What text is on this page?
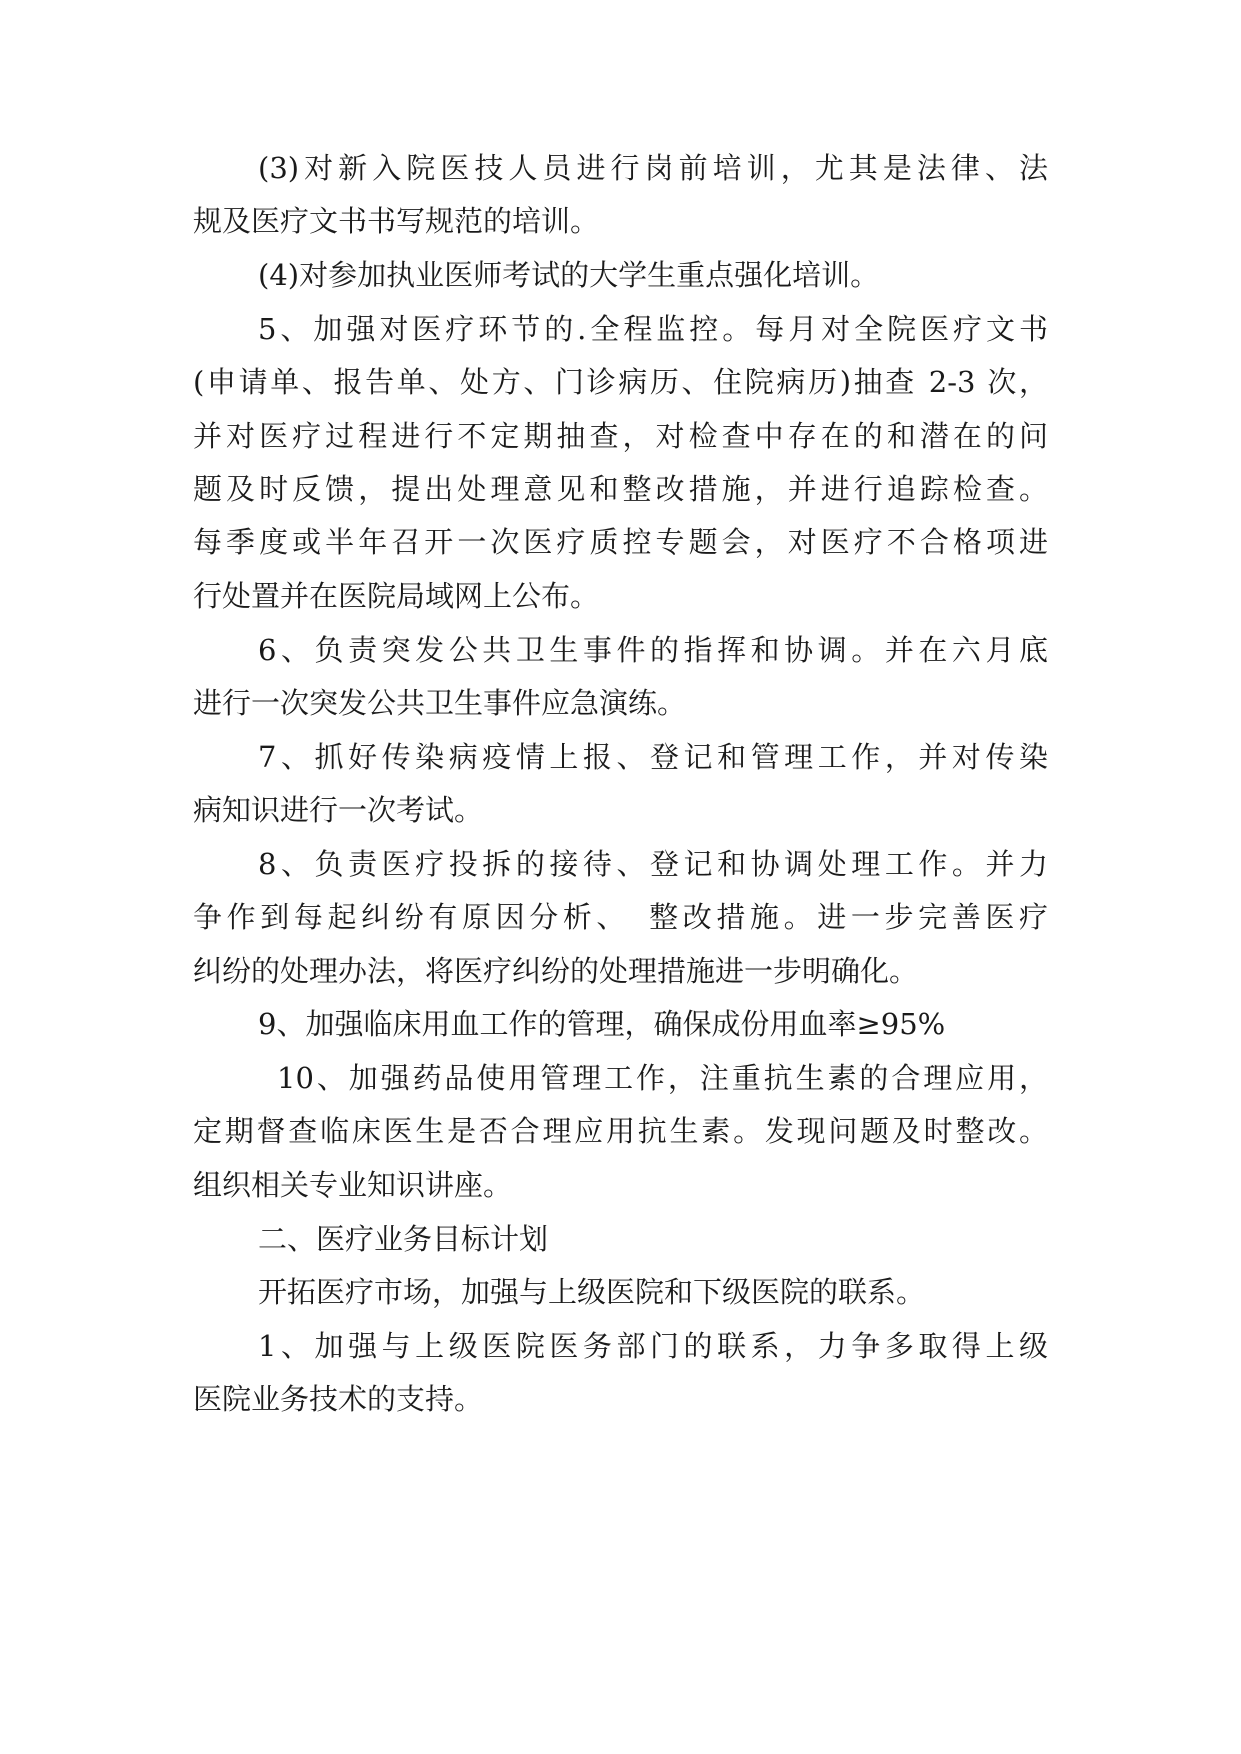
(3)对新入院医技人员进行岗前培训，尤其是法律、法
规及医疗文书书写规范的培训。
(4)对参加执业医师考试的大学生重点强化培训。
5、加强对医疗环节的.全程监控。每月对全院医疗文书
(申请单、报告单、处方、门诊病历、住院病历)抽查 2-3 次，
并对医疗过程进行不定期抽查，对检查中存在的和潜在的问
题及时反馈，提出处理意见和整改措施，并进行追踪检查。
每季度或半年召开一次医疗质控专题会，对医疗不合格项进
行处置并在医院局域网上公布。
6、负责突发公共卫生事件的指挥和协调。并在六月底
进行一次突发公共卫生事件应急演练。
7、抓好传染病疫情上报、登记和管理工作，并对传染
病知识进行一次考试。
8、负责医疗投拆的接待、登记和协调处理工作。并力
争作到每起纠纷有原因分析、　整改措施。进一步完善医疗
纠纷的处理办法，将医疗纠纷的处理措施进一步明确化。
9、加强临床用血工作的管理，确保成份用血率≥95%
10、加强药品使用管理工作，注重抗生素的合理应用，
定期督查临床医生是否合理应用抗生素。发现问题及时整改。
组织相关专业知识讲座。
二、医疗业务目标计划
开拓医疗市场，加强与上级医院和下级医院的联系。
1、加强与上级医院医务部门的联系，力争多取得上级
医院业务技术的支持。
